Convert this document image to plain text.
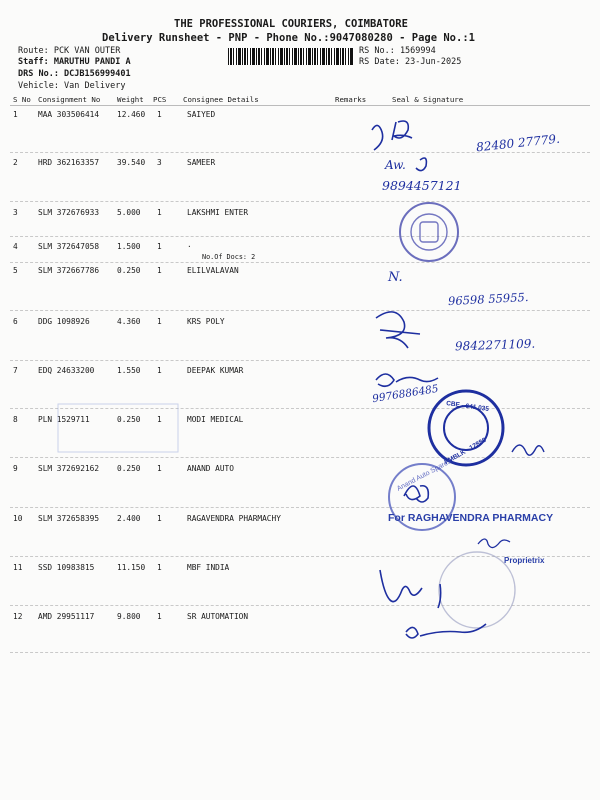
THE PROFESSIONAL COURIERS, COIMBATORE
Delivery Runsheet - PNP - Phone No.:9047080280 - Page No.:1
Route: PCK VAN OUTER
Staff: MARUTHU PANDI A
DRS No.: DCJB156999401
Vehicle: Van Delivery
RS No.: 1569994
RS Date: 23-Jun-2025
S No Consignment No Weight PCS Consignee Details	Remarks	Seal & Signature
1	MAA 303506414 12.460 1	SAIYED
2	HRD 362163357 39.540 3	SAMEER
3	SLM 372676933 5.000 1	LAKSHMI ENTER
4	SLM 372647058 1.500 1	.
No.Of Docs: 2
5	SLM 372667786 0.250 1	ELILVALAVAN
6	DDG 1098926	4.360 1	KRS POLY
7	EDQ 24633200	1.550 1	DEEPAK KUMAR
8	PLN 1529711	0.250 1	MODI MEDICAL
9	SLM 372692162 0.250 1	ANAND AUTO
10 SLM 372658395 2.400 1	RAGAVENDRA PHARMACHY
11 SSD 10983815	11.150 1	MBF INDIA
12 AMD 29951117	9.800 1	SR AUTOMATION
82480 27779.
Aw.
9894457121
N.
96598 55955.
9842271109.
9976886485
CBE - 641 035
PMBLK - 12886
Anand Auto Spares
For RAGHAVENDRA PHARMACY
Proprietrix
